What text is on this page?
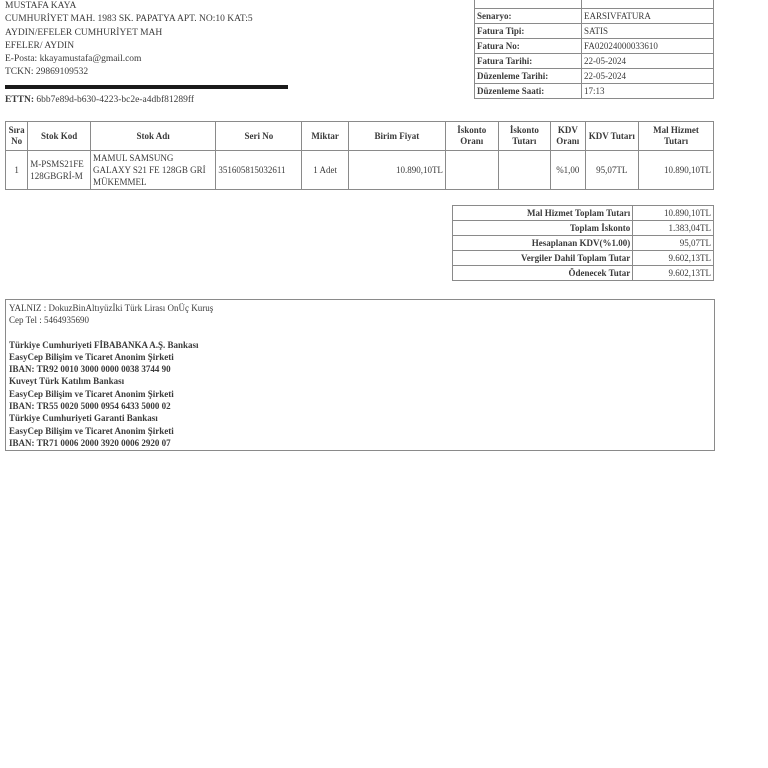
MUSTAFA KAYA
CUMHURİYET MAH. 1983 SK. PAPATYA APT. NO:10 KAT:5
AYDIN/EFELER CUMHURİYET MAH
EFELER/ AYDIN
E-Posta: kkayamustafa@gmail.com
TCKN: 29869109532
ETTN: 6bb7e89d-b630-4223-bc2e-a4dbf81289ff

Senaryo:	EARSIVFATURA
Fatura Tipi:	SATIS
Fatura No:	FA02024000033610
Fatura Tarihi:	22-05-2024
Düzenleme Tarihi:	22-05-2024
Düzenleme Saati:	17:13
Sıra No	Stok Kod	Stok Adı	Seri No	Miktar	Birim Fiyat	İskonto Oranı	İskonto Tutarı	KDV Oranı	KDV Tutarı	Mal Hizmet Tutarı
1	M-PSMS21FE128GBGRİ-M	MAMUL SAMSUNG GALAXY S21 FE 128GB GRİ MÜKEMMEL	351605815032611	1 Adet	10.890,10TL			%1,00	95,07TL	10.890,10TL
Mal Hizmet Toplam Tutarı	10.890,10TL
Toplam İskonto	1.383,04TL
Hesaplanan KDV(%1.00)	95,07TL
Vergiler Dahil Toplam Tutar	9.602,13TL
Ödenecek Tutar	9.602,13TL
YALNIZ : DokuzBinAltıyüzİki Türk Lirası OnÜç Kuruş
Cep Tel : 5464935690
Türkiye Cumhuriyeti FİBABANKA A.Ş. Bankası
EasyCep Bilişim ve Ticaret Anonim Şirketi
IBAN: TR92 0010 3000 0000 0038 3744 90
Kuveyt Türk Katılım Bankası
EasyCep Bilişim ve Ticaret Anonim Şirketi
IBAN: TR55 0020 5000 0954 6433 5000 02
Türkiye Cumhuriyeti Garanti Bankası
EasyCep Bilişim ve Ticaret Anonim Şirketi
IBAN: TR71 0006 2000 3920 0006 2920 07
